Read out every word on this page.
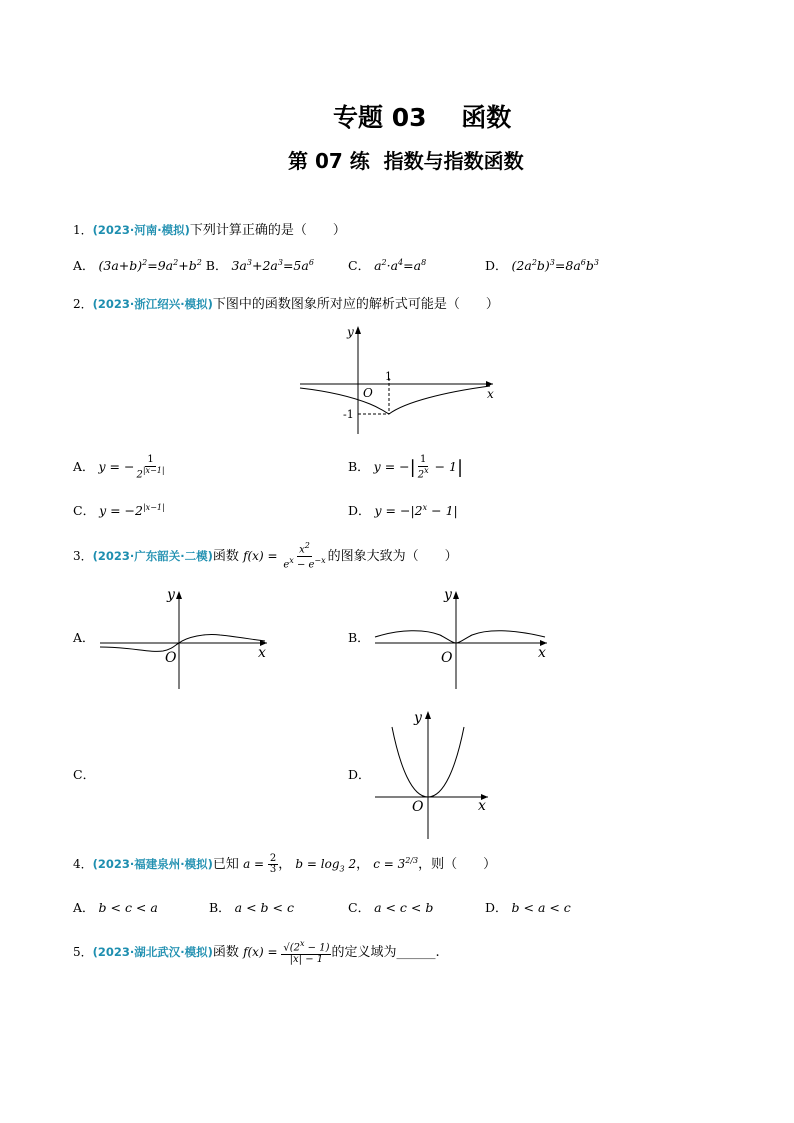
专题 03    函数
第 07 练  指数与指数函数
1．(2023·河南·模拟)下列计算正确的是（　　）
A． $(3a+b)^2=9a^2+b^2$ B． $3a^3+2a^3=5a^6$	C． $a^2\cdot a^4=a^8$	D． $(2a^2b)^3=8a^6b^3$
2．(2023·浙江绍兴·模拟)下图中的函数图象所对应的解析式可能是（　　）
y
x
O
1
-1
A． y = − $\frac{1}{2^{|x-1|}}$	B． y = −| $\frac{1}{2^x} - 1|$
C． $y = -2^{|x-1|}$	D． $y = -|2^x - 1|$
3．(2023·广东韶关·二模)函数 $f(x) = \frac{x^2}{e^x - e^{-x}}$ 的图象大致为（　　）
A．
y
x
O
B．
y
x
O
C．	D．
y
x
O
4．(2023·福建泉州·模拟)已知 $a = \frac{2}{3}$ ， $b = \log_3 2$， $c = 3^{2/3}$，则（　　）
A． b < c < a	B． a < b < c	C． a < c < b	D． b < a < c
5．(2023·湖北武汉·模拟)函数 $f(x) = \frac{√(2^x - 1)}{|x| - 1}$ 的定义域为______.
